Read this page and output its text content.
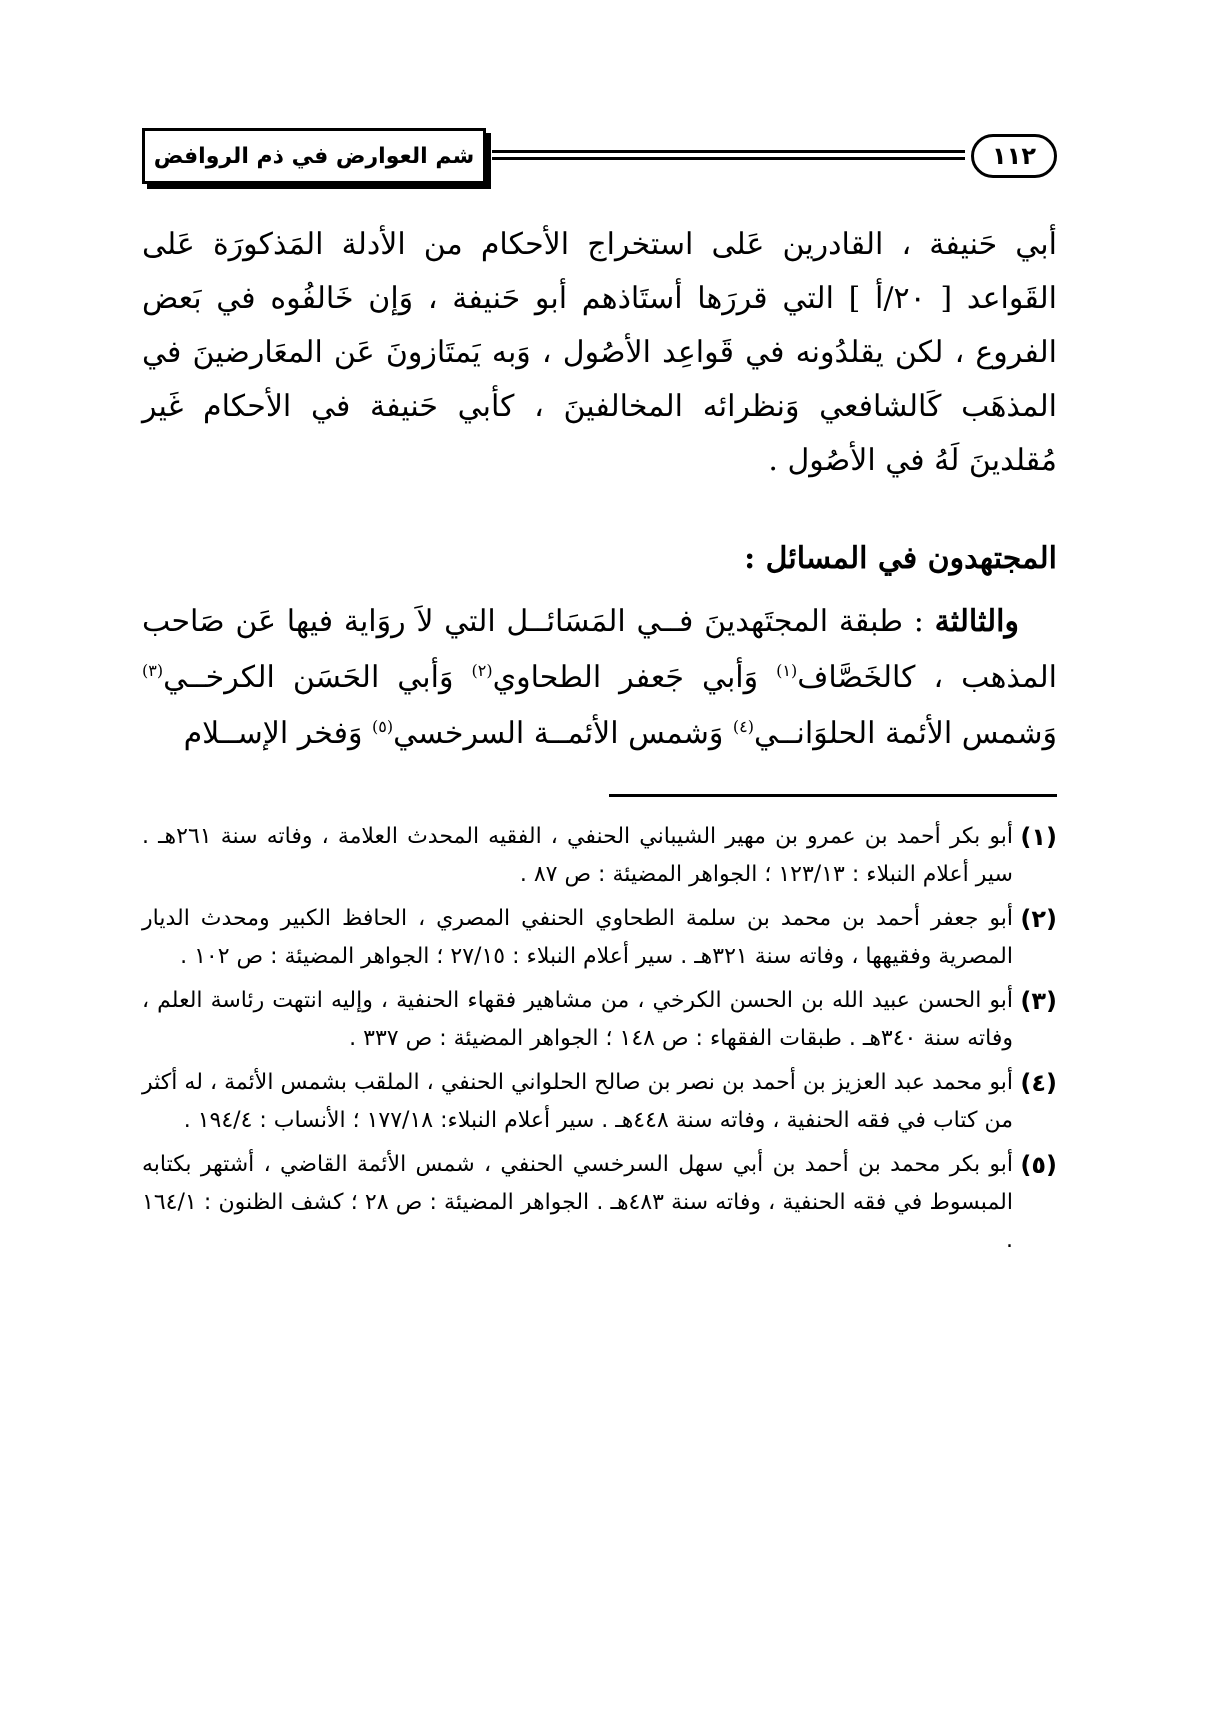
١١٢
شم العوارض في ذم الروافض

أبي حَنيفة ، القادرين عَلى استخراج الأحكام من الأدلة المَذكورَة عَلى القَواعد [ ٢٠/أ ] التي قررَها أستَاذهم أبو حَنيفة ، وَإن خَالفُوه في بَعض الفروع ، لكن يقلدُونه في قَواعِد الأصُول ، وَبه يَمتَازونَ عَن المعَارضينَ في المذهَب كَالشافعي وَنظرائه المخالفينَ ، كأبي حَنيفة في الأحكام غَير مُقلدينَ لَهُ في الأصُول .

المجتهدون في المسائل :

والثالثة : طبقة المجتَهدينَ فــي المَسَائــل التي لاَ روَاية فيها عَن صَاحب المذهب ، كالخَصَّاف$^{(١)}$ وَأبي جَعفر الطحاوي$^{(٢)}$ وَأبي الحَسَن الكرخــي$^{(٣)}$ وَشمس الأئمة الحلوَانــي$^{(٤)}$ وَشمس الأئمــة السرخسي$^{(٥)}$ وَفخر الإســلام

(١)
أبو بكر أحمد بن عمرو بن مهير الشيباني الحنفي ، الفقيه المحدث العلامة ، وفاته سنة ٢٦١هـ . سير أعلام النبلاء : ١٢٣/١٣ ؛ الجواهر المضيئة : ص ٨٧ .
(٢)
أبو جعفر أحمد بن محمد بن سلمة الطحاوي الحنفي المصري ، الحافظ الكبير ومحدث الديار المصرية وفقيهها ، وفاته سنة ٣٢١هـ . سير أعلام النبلاء : ٢٧/١٥ ؛ الجواهر المضيئة : ص ١٠٢ .
(٣)
أبو الحسن عبيد الله بن الحسن الكرخي ، من مشاهير فقهاء الحنفية ، وإليه انتهت رئاسة العلم ، وفاته سنة ٣٤٠هـ . طبقات الفقهاء : ص ١٤٨ ؛ الجواهر المضيئة : ص ٣٣٧ .
(٤)
أبو محمد عبد العزيز بن أحمد بن نصر بن صالح الحلواني الحنفي ، الملقب بشمس الأئمة ، له أكثر من كتاب في فقه الحنفية ، وفاته سنة ٤٤٨هـ . سير أعلام النبلاء: ١٧٧/١٨ ؛ الأنساب : ١٩٤/٤ .
(٥)
أبو بكر محمد بن أحمد بن أبي سهل السرخسي الحنفي ، شمس الأئمة القاضي ، أشتهر بكتابه المبسوط في فقه الحنفية ، وفاته سنة ٤٨٣هـ . الجواهر المضيئة : ص ٢٨ ؛ كشف الظنون : ١٦٤/١ .
